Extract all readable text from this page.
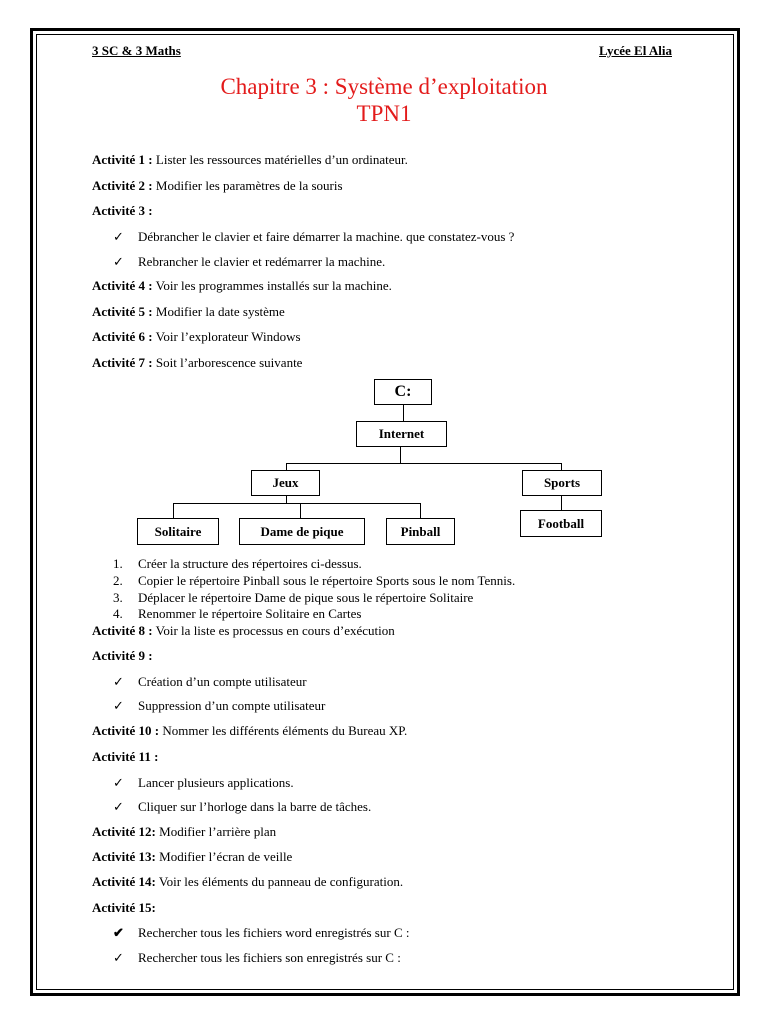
3 SC & 3 Maths	Lycée El Alia
Chapitre 3 : Système d’exploitation
TPN1
Activité 1 : Lister les ressources matérielles d’un ordinateur.
Activité 2 : Modifier les paramètres de la souris
Activité 3 :
✓ Débrancher le clavier et faire démarrer la machine. que constatez-vous ?
✓ Rebrancher le clavier et redémarrer la machine.
Activité 4 : Voir les programmes installés sur la machine.
Activité 5 : Modifier la date système
Activité 6 : Voir l’explorateur Windows
Activité 7 : Soit l’arborescence suivante
C:
Internet
Jeux	Sports
Solitaire	Dame de pique	Pinball
Football
1. Créer la structure des répertoires ci-dessus.
2. Copier le répertoire Pinball sous le répertoire Sports sous le nom Tennis.
3. Déplacer le répertoire Dame de pique sous le répertoire Solitaire
4. Renommer le répertoire Solitaire en Cartes
Activité 8 : Voir la liste es processus en cours d’exécution
Activité 9 :
✓ Création d’un compte utilisateur
✓ Suppression d’un compte utilisateur
Activité 10 : Nommer les différents éléments du Bureau XP.
Activité 11 :
✓ Lancer plusieurs applications.
✓ Cliquer sur l’horloge dans la barre de tâches.
Activité 12: Modifier l’arrière plan
Activité 13: Modifier l’écran de veille
Activité 14: Voir les éléments du panneau de configuration.
Activité 15:
✔ Rechercher tous les fichiers word enregistrés sur C :
✓ Rechercher tous les fichiers son enregistrés sur C :
